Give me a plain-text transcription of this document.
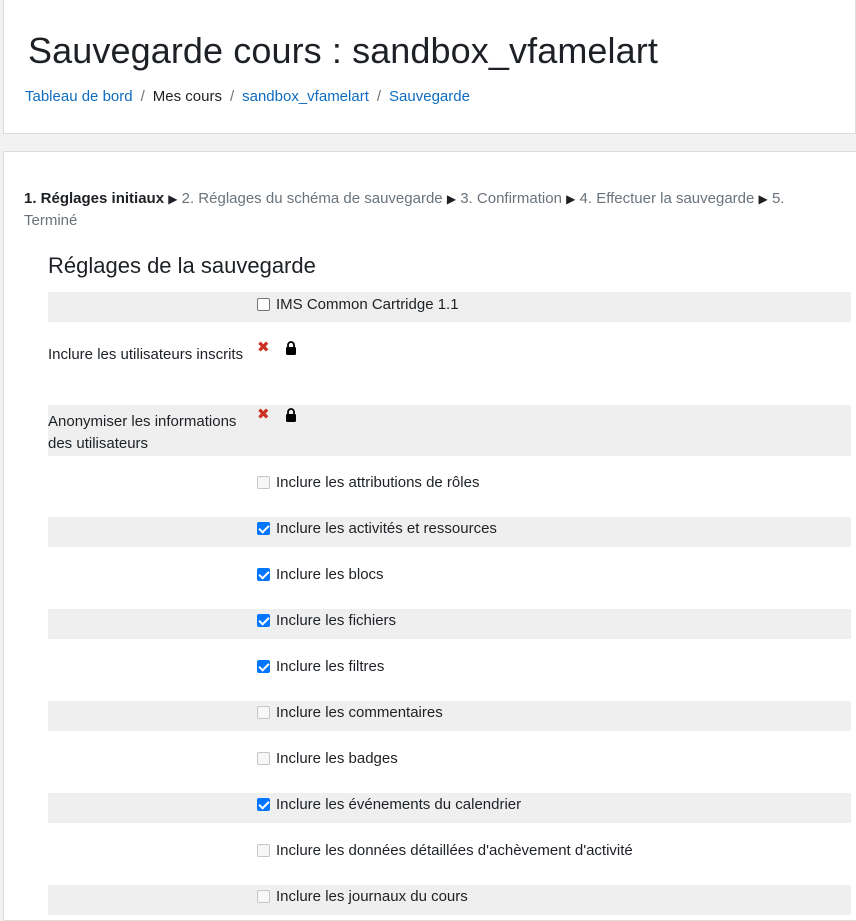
Sauvegarde cours : sandbox_vfamelart
Tableau de bord / Mes cours / sandbox_vfamelart / Sauvegarde
1. Réglages initiaux ▶ 2. Réglages du schéma de sauvegarde ▶ 3. Confirmation ▶ 4. Effectuer la sauvegarde ▶ 5. Terminé
Réglages de la sauvegarde
IMS Common Cartridge 1.1
Inclure les utilisateurs inscrits ✖
Anonymiser les informations des utilisateurs
✖
Inclure les attributions de rôles
Inclure les activités et ressources
Inclure les blocs
Inclure les fichiers
Inclure les filtres
Inclure les commentaires
Inclure les badges
Inclure les événements du calendrier
Inclure les données détaillées d'achèvement d'activité
Inclure les journaux du cours
